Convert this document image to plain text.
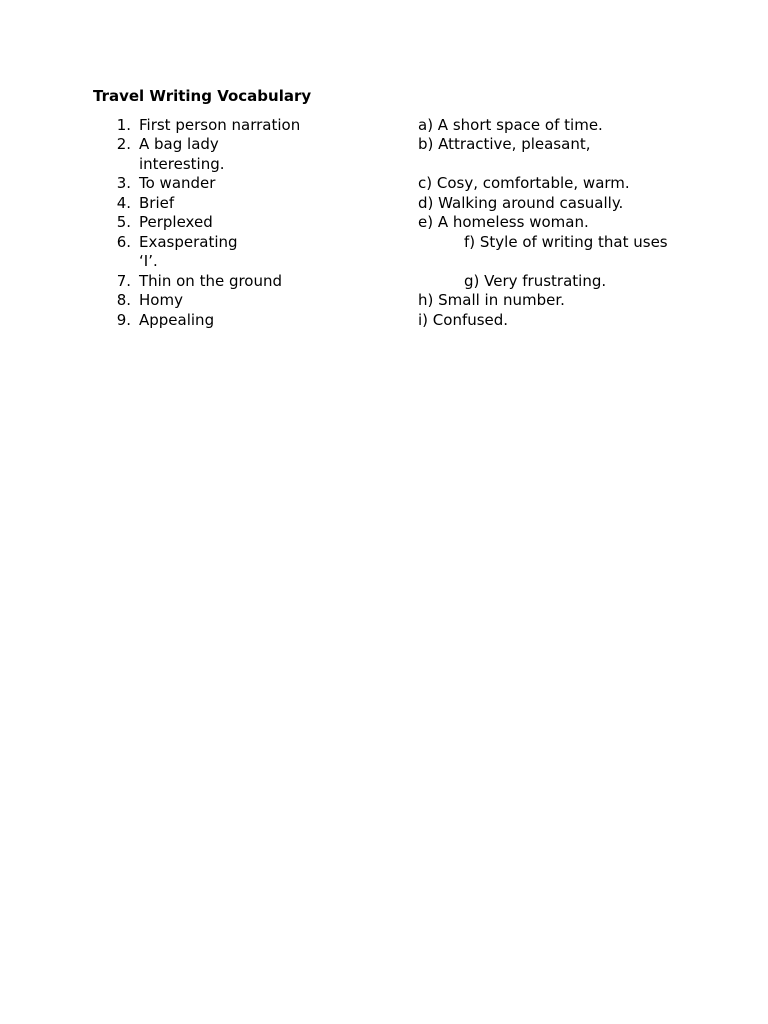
Travel Writing Vocabulary
1. First person narration
2. A bag lady
interesting.
3. To wander
4. Brief
5. Perplexed
6. Exasperating
‘I’.
7. Thin on the ground
8. Homy
9. Appealing
a) A short space of time.
b) Attractive, pleasant,
c) Cosy, comfortable, warm.
d) Walking around casually.
e) A homeless woman.
f) Style of writing that uses
g) Very frustrating.
h) Small in number.
i) Confused.
